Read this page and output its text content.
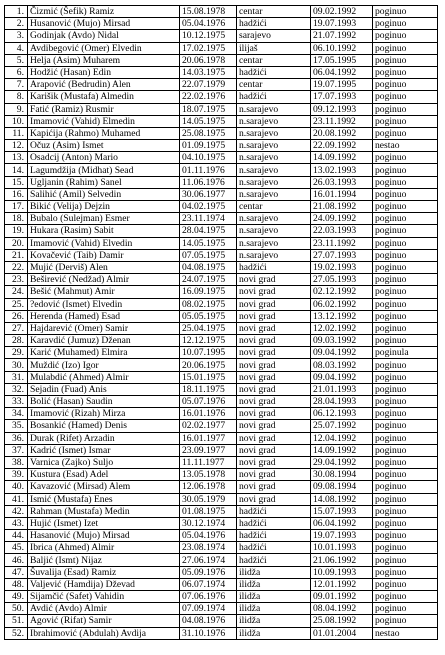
1.	Čizmić (Šefik) Ramiz	15.08.1978	centar	09.02.1992	poginuo
2.	Husanović (Mujo) Mirsad	05.04.1976	hadžići	19.07.1993	poginuo
3.	Godinjak (Avdo) Nidal	10.12.1975	sarajevo	21.07.1992	poginuo
4.	Avdibegović (Omer) Elvedin	17.02.1975	ilijaš	06.10.1992	poginuo
5.	Helja (Asim) Muharem	20.06.1978	centar	17.05.1995	poginuo
6.	Hodžić (Hasan) Edin	14.03.1975	hadžići	06.04.1992	poginuo
7.	Arapović (Bedrudin) Alen	22.07.1979	centar	19.07.1995	poginuo
8.	Karišik (Mustafa) Almedin	22.02.1976	hadžići	17.07.1993	poginuo
9.	Fatić (Ramiz) Rusmir	18.07.1975	n.sarajevo	09.12.1993	poginuo
10.	Imamović (Vahid) Elmedin	14.05.1975	n.sarajevo	23.11.1992	poginuo
11.	Kapićija (Rahmo) Muhamed	25.08.1975	n.sarajevo	20.08.1992	poginuo
12.	Očuz (Asim) Ismet	01.09.1975	n.sarajevo	22.09.1992	nestao
13.	Osadcij (Anton) Mario	04.10.1975	n.sarajevo	14.09.1992	poginuo
14.	Lagumdžija (Midhat) Sead	01.11.1976	n.sarajevo	13.02.1993	poginuo
15.	Ugljanin (Rahim) Sanel	11.06.1976	n.sarajevo	26.03.1993	poginuo
16.	Salihić (Amil) Selvedin	30.06.1977	n.sarajevo	16.01.1994	poginuo
17.	Bikić (Velija) Dejzin	04.02.1975	centar	21.08.1992	poginuo
18.	Bubalo (Sulejman) Esmer	23.11.1974	n.sarajevo	24.09.1992	poginuo
19.	Hukara (Rasim) Sabit	28.04.1975	n.sarajevo	22.03.1993	poginuo
20.	Imamović (Vahid) Elvedin	14.05.1975	n.sarajevo	23.11.1992	poginuo
21.	Kovačević (Taib) Damir	07.05.1975	n.sarajevo	27.07.1993	poginuo
22.	Mujić (Derviš) Alen	04.08.1975	hadžići	19.02.1993	poginuo
23.	Beširević (Nedžad) Almir	24.07.1975	novi grad	27.05.1993	poginuo
24.	Bešić (Mahmut) Amir	16.09.1975	novi grad	02.12.1992	poginuo
25.	?edović (Ismet) Elvedin	08.02.1975	novi grad	06.02.1992	poginuo
26.	Herenda (Hamed) Esad	05.05.1975	novi grad	13.12.1992	poginuo
27.	Hajdarević (Omer) Samir	25.04.1975	novi grad	12.02.1992	poginuo
28.	Karavdić (Jumuz) Dženan	12.12.1975	novi grad	09.03.1992	poginuo
29.	Karić (Muhamed) Elmira	10.07.1995	novi grad	09.04.1992	poginula
30.	Muždić (Izo) Igor	20.06.1975	novi grad	08.03.1992	poginuo
31.	Mulabdić (Ahmed) Almir	15.01.1975	novi grad	09.04.1992	poginuo
32.	Sejadin (Fuad) Anis	18.11.1975	novi grad	21.01.1993	poginuo
33.	Bolić (Hasan) Saudin	05.07.1976	novi grad	28.04.1993	poginuo
34.	Imamović (Rizah) Mirza	16.01.1976	novi grad	06.12.1993	poginuo
35.	Bosankić (Hamed) Denis	02.02.1977	novi grad	25.07.1992	poginuo
36.	Durak (Rifet) Arzadin	16.01.1977	novi grad	12.04.1992	poginuo
37.	Kadrić (Ismet) Ismar	23.09.1977	novi grad	14.09.1992	poginuo
38.	Varnica (Zajko) Suljo	11.11.1977	novi grad	29.04.1992	poginuo
39.	Kustura (Esad) Adel	13.05.1978	novi grad	30.08.1994	poginuo
40.	Kavazović (Mirsad) Alem	12.06.1978	novi grad	09.08.1994	poginuo
41.	Ismić (Mustafa) Enes	30.05.1979	novi grad	14.08.1992	poginuo
42.	Rahman (Mustafa) Medin	01.08.1975	hadžići	15.07.1993	poginuo
43.	Hujić (Ismet) Izet	30.12.1974	hadžići	06.04.1992	poginuo
44.	Hasanović (Mujo) Mirsad	05.04.1976	hadžići	19.07.1993	poginuo
45.	Ibrica (Ahmed) Almir	23.08.1974	hadžići	10.01.1993	poginuo
46.	Baljić (Ismt) Nijaz	27.06.1974	hadžići	21.06.1992	poginuo
47.	Šuvalija (Esad) Ramiz	05.09.1976	ilidža	10.09.1993	poginuo
48.	Valjević (Hamdija) Dževad	06.07.1974	ilidža	12.01.1992	poginuo
49.	Sijamčić (Safet) Vahidin	07.06.1976	ilidža	09.01.1992	poginuo
50.	Avdić (Avdo) Almir	07.09.1974	ilidža	08.04.1992	poginuo
51.	Agović (Rifat) Samir	04.08.1976	ilidža	25.08.1992	poginuo
52.	Ibrahimović (Abdulah) Avdija	31.10.1976	ilidža	01.01.2004	nestao
